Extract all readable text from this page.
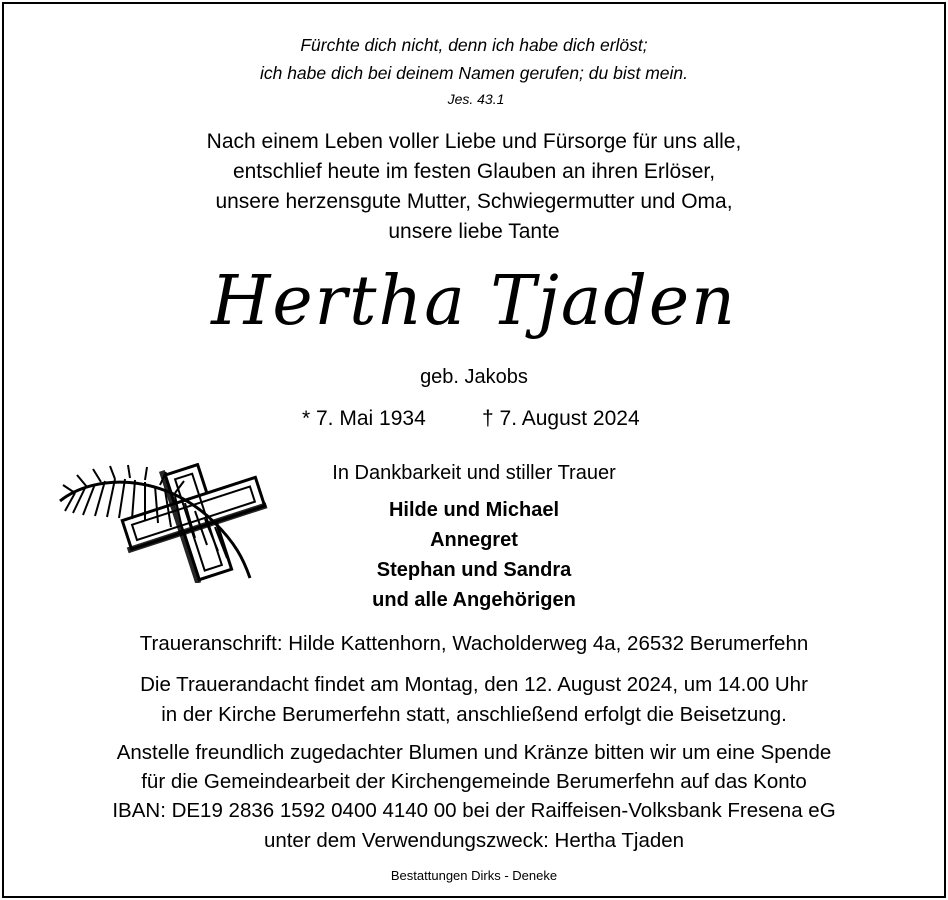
Fürchte dich nicht, denn ich habe dich erlöst;
ich habe dich bei deinem Namen gerufen; du bist mein.
Jes. 43.1
Nach einem Leben voller Liebe und Fürsorge für uns alle,
entschlief heute im festen Glauben an ihren Erlöser,
unsere herzensgute Mutter, Schwiegermutter und Oma,
unsere liebe Tante
Hertha Tjaden
geb. Jakobs
* 7. Mai 1934	† 7. August 2024
In Dankbarkeit und stiller Trauer
Hilde und Michael
Annegret
Stephan und Sandra
und alle Angehörigen
Traueranschrift: Hilde Kattenhorn, Wacholderweg 4a, 26532 Berumerfehn
Die Trauerandacht findet am Montag, den 12. August 2024, um 14.00 Uhr
in der Kirche Berumerfehn statt, anschließend erfolgt die Beisetzung.
Anstelle freundlich zugedachter Blumen und Kränze bitten wir um eine Spende
für die Gemeindearbeit der Kirchengemeinde Berumerfehn auf das Konto
IBAN: DE19 2836 1592 0400 4140 00 bei der Raiffeisen-Volksbank Fresena eG
unter dem Verwendungszweck: Hertha Tjaden
Bestattungen Dirks - Deneke
